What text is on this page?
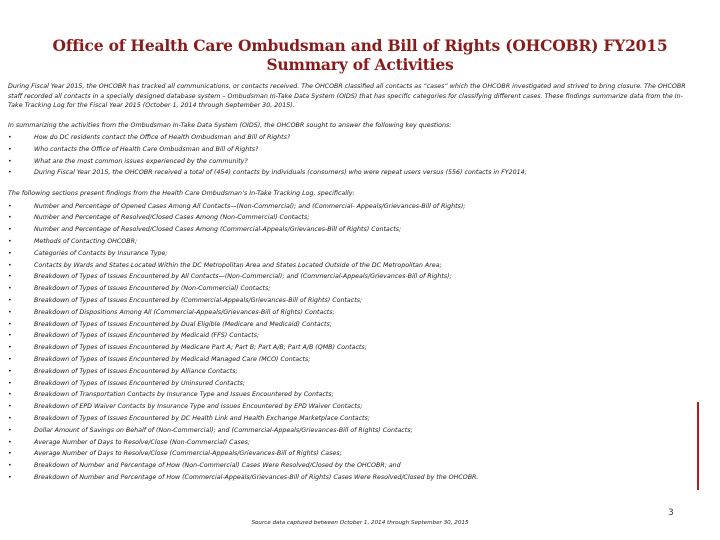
Office of Health Care Ombudsman and Bill of Rights (OHCOBR) FY2015
Summary of Activities

During Fiscal Year 2015, the OHCOBR has tracked all communications, or contacts received. The OHCOBR classified all contacts as “cases” which the OHCOBR investigated and strived to bring closure. The OHCOBR staff recorded all contacts in a specially designed database system – Ombudsman In-Take Data System (OIDS) that has specific categories for classifying different cases. These findings summarize data from the In-Take Tracking Log for the Fiscal Year 2015 (October 1, 2014 through September 30, 2015).

In summarizing the activities from the Ombudsman In-Take Data System (OIDS), the OHCOBR sought to answer the following key questions:

• How do DC residents contact the Office of Health Ombudsman and Bill of Rights?
• Who contacts the Office of Health Care Ombudsman and Bill of Rights?
• What are the most common issues experienced by the community?
• During Fiscal Year 2015, the OHCOBR received a total of (454) contacts by individuals (consumers) who were repeat users versus (556) contacts in FY2014;

The following sections present findings from the Health Care Ombudsman’s In-Take Tracking Log, specifically:

• Number and Percentage of Opened Cases Among All Contacts—(Non-Commercial); and (Commercial- Appeals/Grievances-Bill of Rights);
• Number and Percentage of Resolved/Closed Cases Among (Non-Commercial) Contacts;
• Number and Percentage of Resolved/Closed Cases Among (Commercial-Appeals/Grievances-Bill of Rights) Contacts;
• Methods of Contacting OHCOBR;
• Categories of Contacts by Insurance Type;
• Contacts by Wards and States Located Within the DC Metropolitan Area and States Located Outside of the DC Metropolitan Area;
• Breakdown of Types of Issues Encountered by All Contacts—(Non-Commercial); and (Commercial-Appeals/Grievances-Bill of Rights);
• Breakdown of Types of Issues Encountered by (Non-Commercial) Contacts;
• Breakdown of Types of Issues Encountered by (Commercial-Appeals/Grievances-Bill of Rights) Contacts;
• Breakdown of Dispositions Among All (Commercial-Appeals/Grievances-Bill of Rights) Contacts;
• Breakdown of Types of Issues Encountered by Dual Eligible (Medicare and Medicaid) Contacts;
• Breakdown of Types of Issues Encountered by Medicaid (FFS) Contacts;
• Breakdown of Types of Issues Encountered by Medicare Part A; Part B; Part A/B; Part A/B (QMB) Contacts;
• Breakdown of Types of Issues Encountered by Medicaid Managed Care (MCO) Contacts;
• Breakdown of Types of Issues Encountered by Alliance Contacts;
• Breakdown of Types of Issues Encountered by Uninsured Contacts;
• Breakdown of Transportation Contacts by Insurance Type and Issues Encountered by Contacts;
• Breakdown of EPD Waiver Contacts by Insurance Type and Issues Encountered by EPD Waiver Contacts;
• Breakdown of Types of Issues Encountered by DC Health Link and Health Exchange Marketplace Contacts;
• Dollar Amount of Savings on Behalf of (Non-Commercial); and (Commercial-Appeals/Grievances-Bill of Rights) Contacts;
• Average Number of Days to Resolve/Close (Non-Commercial) Cases;
• Average Number of Days to Resolve/Close (Commercial-Appeals/Grievances-Bill of Rights) Cases;
• Breakdown of Number and Percentage of How (Non-Commercial) Cases Were Resolved/Closed by the OHCOBR; and
• Breakdown of Number and Percentage of How (Commercial-Appeals/Grievances-Bill of Rights) Cases Were Resolved/Closed by the OHCOBR.
3
Source data captured between October 1, 2014 through September 30, 2015
